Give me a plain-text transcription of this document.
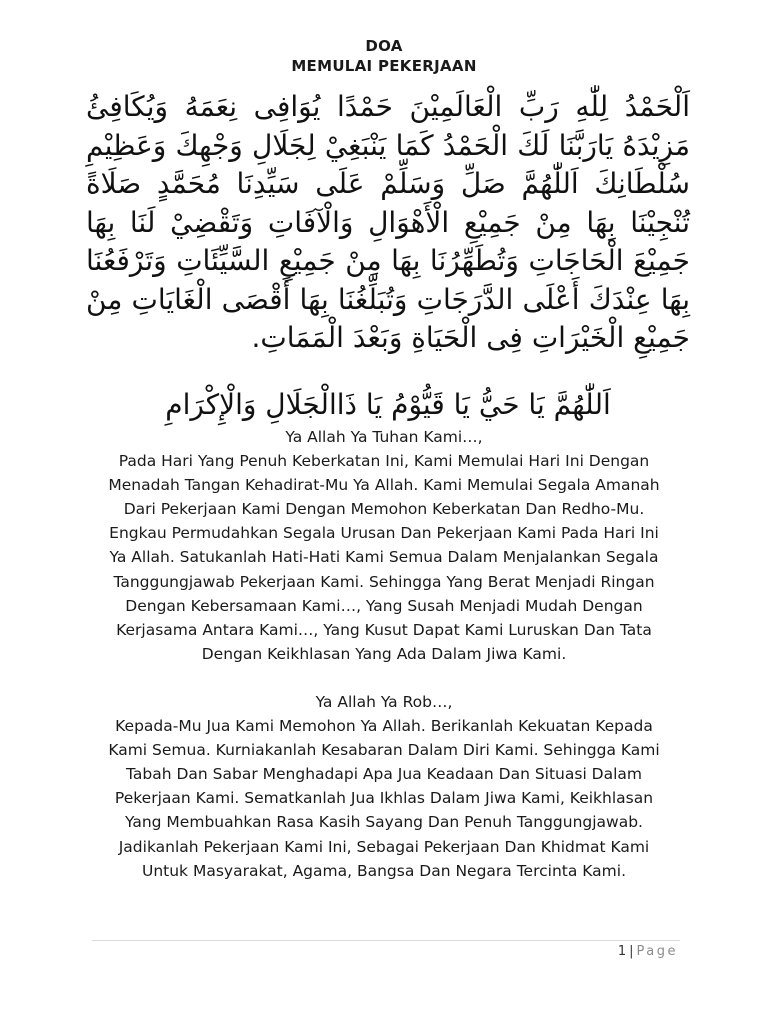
DOA
MEMULAI PEKERJAAN
اَلْحَمْدُ لِلّٰهِ رَبِّ الْعَالَمِيْنَ حَمْدًا يُوَافِى نِعَمَهُ وَيُكَافِئُ مَزِيْدَهُ يَارَبَّنَا لَكَ الْحَمْدُ كَمَا يَنْبَغِيْ لِجَلَالِ وَجْهِكَ وَعَظِيْمِ سُلْطَانِكَ اَللّٰهُمَّ صَلِّ وَسَلِّمْ عَلَى سَيِّدِنَا مُحَمَّدٍ صَلَاةً تُنْجِيْنَا بِهَا مِنْ جَمِيْعِ الْأَهْوَالِ وَالْآفَاتِ وَتَقْضِيْ لَنَا بِهَا جَمِيْعَ الْحَاجَاتِ وَتُطَهِّرُنَا بِهَا مِنْ جَمِيْعِ السَّيِّئَاتِ وَتَرْفَعُنَا بِهَا عِنْدَكَ أَعْلَى الدَّرَجَاتِ وَتُبَلِّغُنَا بِهَا أَقْصَى الْغَايَاتِ مِنْ جَمِيْعِ الْخَيْرَاتِ فِى الْحَيَاةِ وَبَعْدَ الْمَمَاتِ.
اَللّٰهُمَّ يَا حَيُّ يَا قَيُّوْمُ يَا ذَاالْجَلَالِ وَالْإِكْرَامِ

Ya Allah Ya Tuhan Kami…,

Pada Hari Yang Penuh Keberkatan Ini, Kami Memulai Hari Ini Dengan Menadah Tangan Kehadirat-Mu Ya Allah. Kami Memulai Segala Amanah Dari Pekerjaan Kami Dengan Memohon Keberkatan Dan Redho-Mu. Engkau Permudahkan Segala Urusan Dan Pekerjaan Kami Pada Hari Ini Ya Allah. Satukanlah Hati-Hati Kami Semua Dalam Menjalankan Segala Tanggungjawab Pekerjaan Kami. Sehingga Yang Berat Menjadi Ringan Dengan Kebersamaan Kami…, Yang Susah Menjadi Mudah Dengan Kerjasama Antara Kami…, Yang Kusut Dapat Kami Luruskan Dan Tata Dengan Keikhlasan Yang Ada Dalam Jiwa Kami.

Ya Allah Ya Rob…,

Kepada-Mu Jua Kami Memohon Ya Allah. Berikanlah Kekuatan Kepada Kami Semua. Kurniakanlah Kesabaran Dalam Diri Kami. Sehingga Kami Tabah Dan Sabar Menghadapi Apa Jua Keadaan Dan Situasi Dalam Pekerjaan Kami. Sematkanlah Jua Ikhlas Dalam Jiwa Kami, Keikhlasan Yang Membuahkan Rasa Kasih Sayang Dan Penuh Tanggungjawab. Jadikanlah Pekerjaan Kami Ini, Sebagai Pekerjaan Dan Khidmat Kami Untuk Masyarakat, Agama, Bangsa Dan Negara Tercinta Kami.

1 | Page
